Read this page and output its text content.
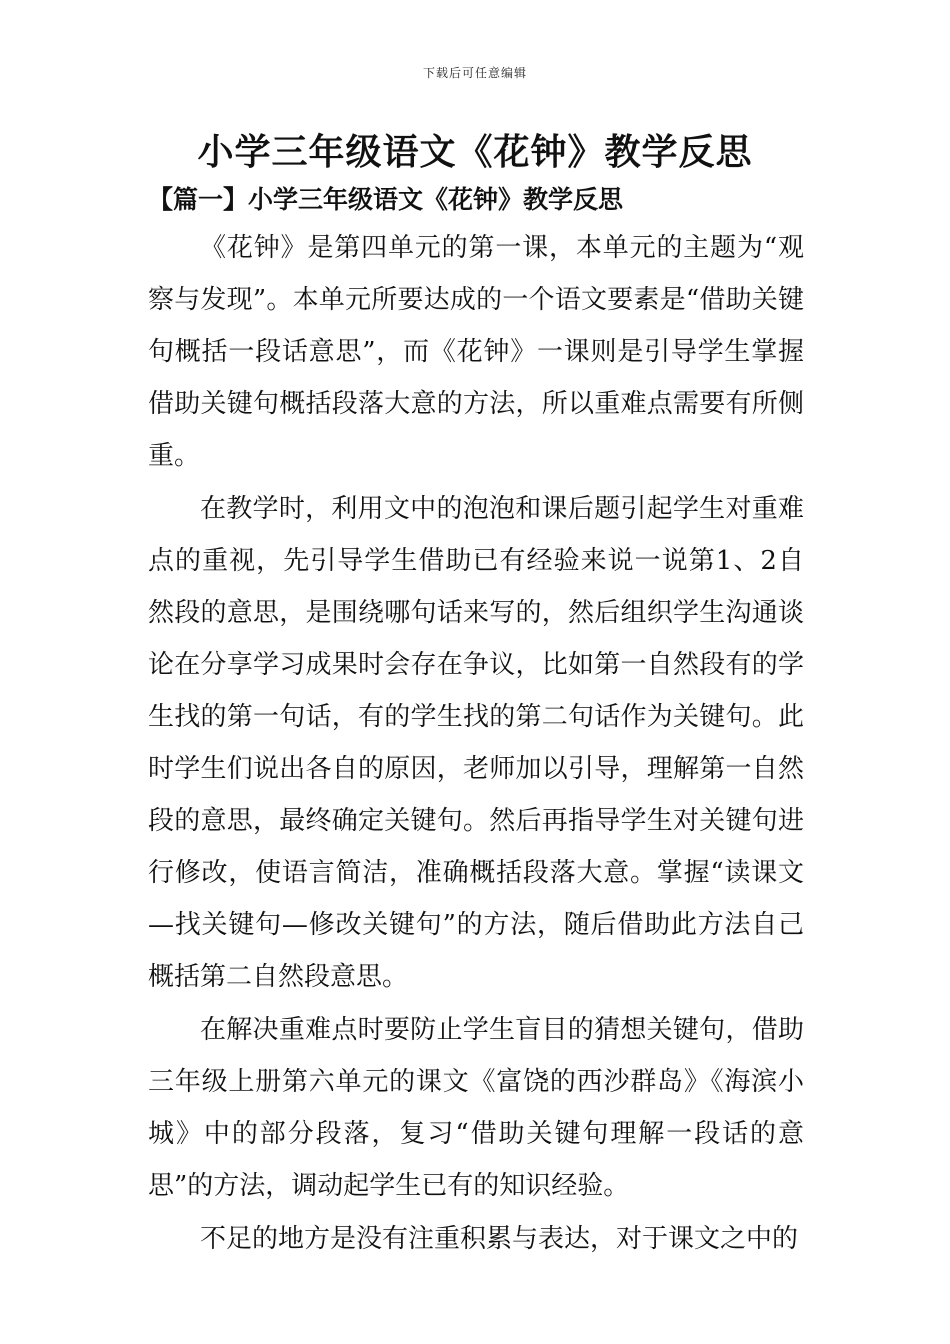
下载后可任意编辑
小学三年级语文《花钟》教学反思
【篇一】小学三年级语文《花钟》教学反思

《花钟》是第四单元的第一课，本单元的主题为“观察与发现”。本单元所要达成的一个语文要素是“借助关键句概括一段话意思”，而《花钟》一课则是引导学生掌握借助关键句概括段落大意的方法，所以重难点需要有所侧重。

在教学时，利用文中的泡泡和课后题引起学生对重难点的重视，先引导学生借助已有经验来说一说第1、2自然段的意思，是围绕哪句话来写的，然后组织学生沟通谈论在分享学习成果时会存在争议，比如第一自然段有的学生找的第一句话，有的学生找的第二句话作为关键句。此时学生们说出各自的原因，老师加以引导，理解第一自然段的意思，最终确定关键句。然后再指导学生对关键句进行修改，使语言简洁，准确概括段落大意。掌握“读课文—找关键句—修改关键句”的方法，随后借助此方法自己概括第二自然段意思。

在解决重难点时要防止学生盲目的猜想关键句，借助三年级上册第六单元的课文《富饶的西沙群岛》《海滨小城》中的部分段落，复习“借助关键句理解一段话的意思”的方法，调动起学生已有的知识经验。

不足的地方是没有注重积累与表达，对于课文之中的
